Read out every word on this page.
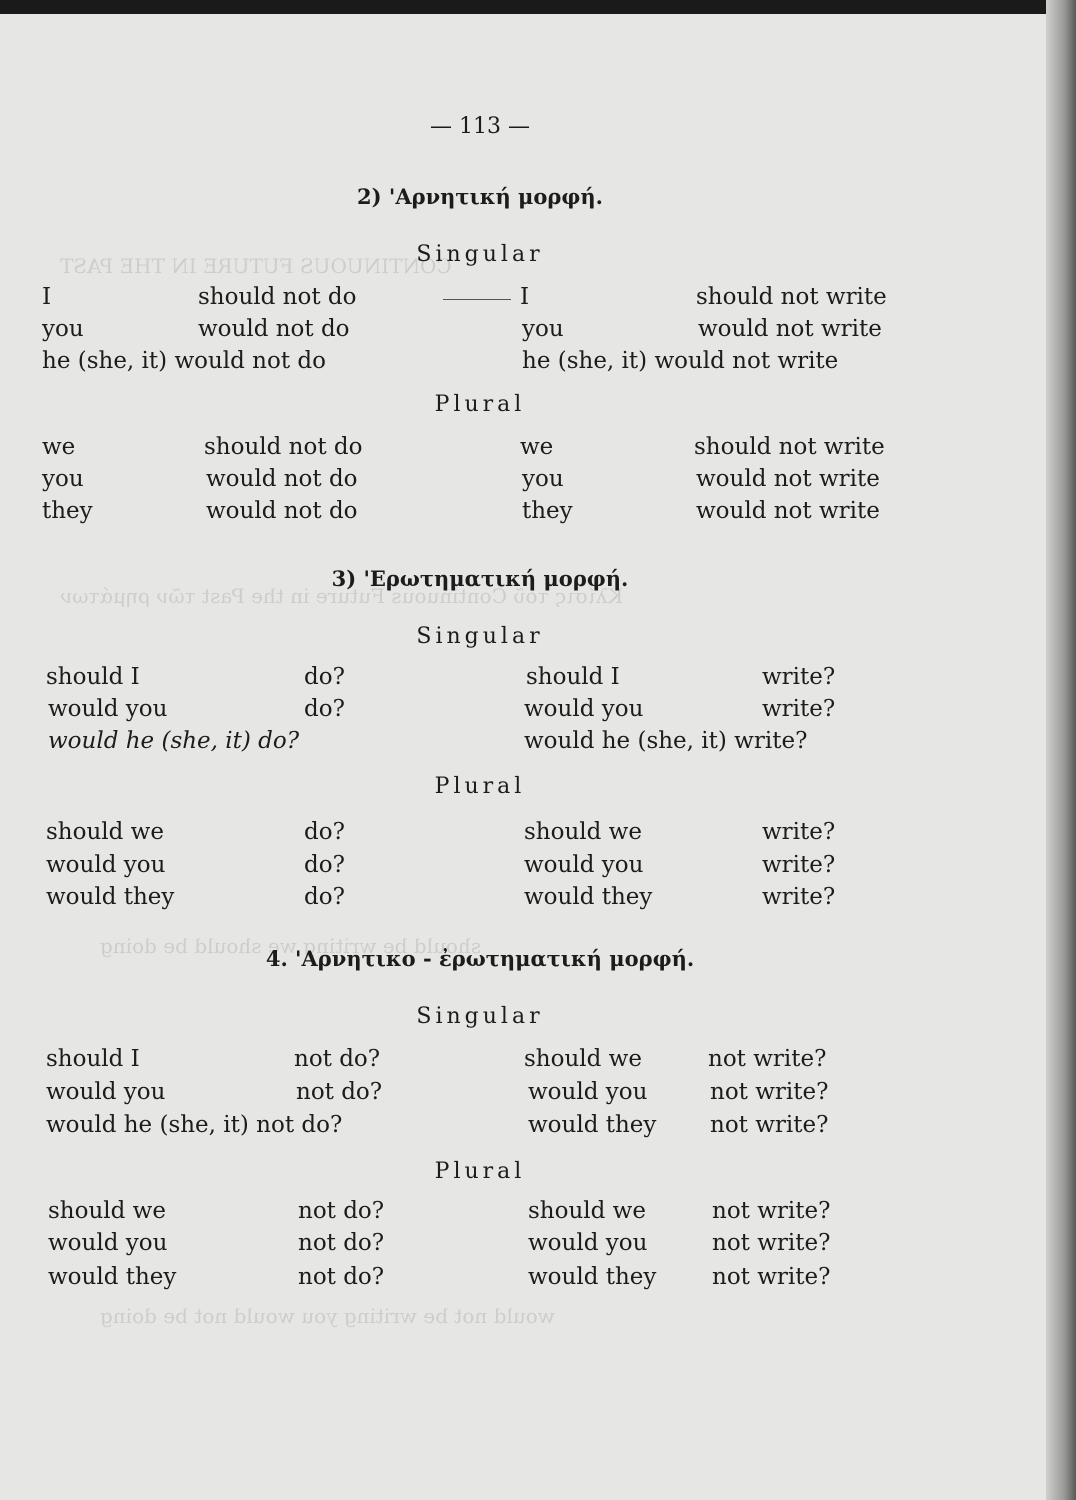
CONTINUOUS FUTURE IN THE PAST
Κλίσις τοῦ Continuous Future in the Past τῶν ρημάτων
should be writing we should be doing
would not be writing you would not be doing
— 113 —
2) 'Αρνητική μορφή.
Singular
I	should not do	I	should not write
you	would not do	you	would not write
he (she, it) would not do	he (she, it) would not write
Plural
we	should not do	we	should not write
you	would not do	you	would not write
they	would not do	they	would not write
3) 'Ερωτηματική μορφή.
Singular
should I	do?	should I	write?
would you	do?	would you	write?
would he (she, it) do?	would he (she, it) write?
Plural
should we	do?	should we	write?
would you	do?	would you	write?
would they	do?	would they	write?
4. 'Αρνητικο - ἐρωτηματική μορφή.
Singular
should I	not do?	should we	not write?
would you	not do?	would you	not write?
would he (she, it) not do?	would they not write?
Plural
should we	not do?	should we	not write?
would you	not do?	would you	not write?
would they	not do?	would they not write?
